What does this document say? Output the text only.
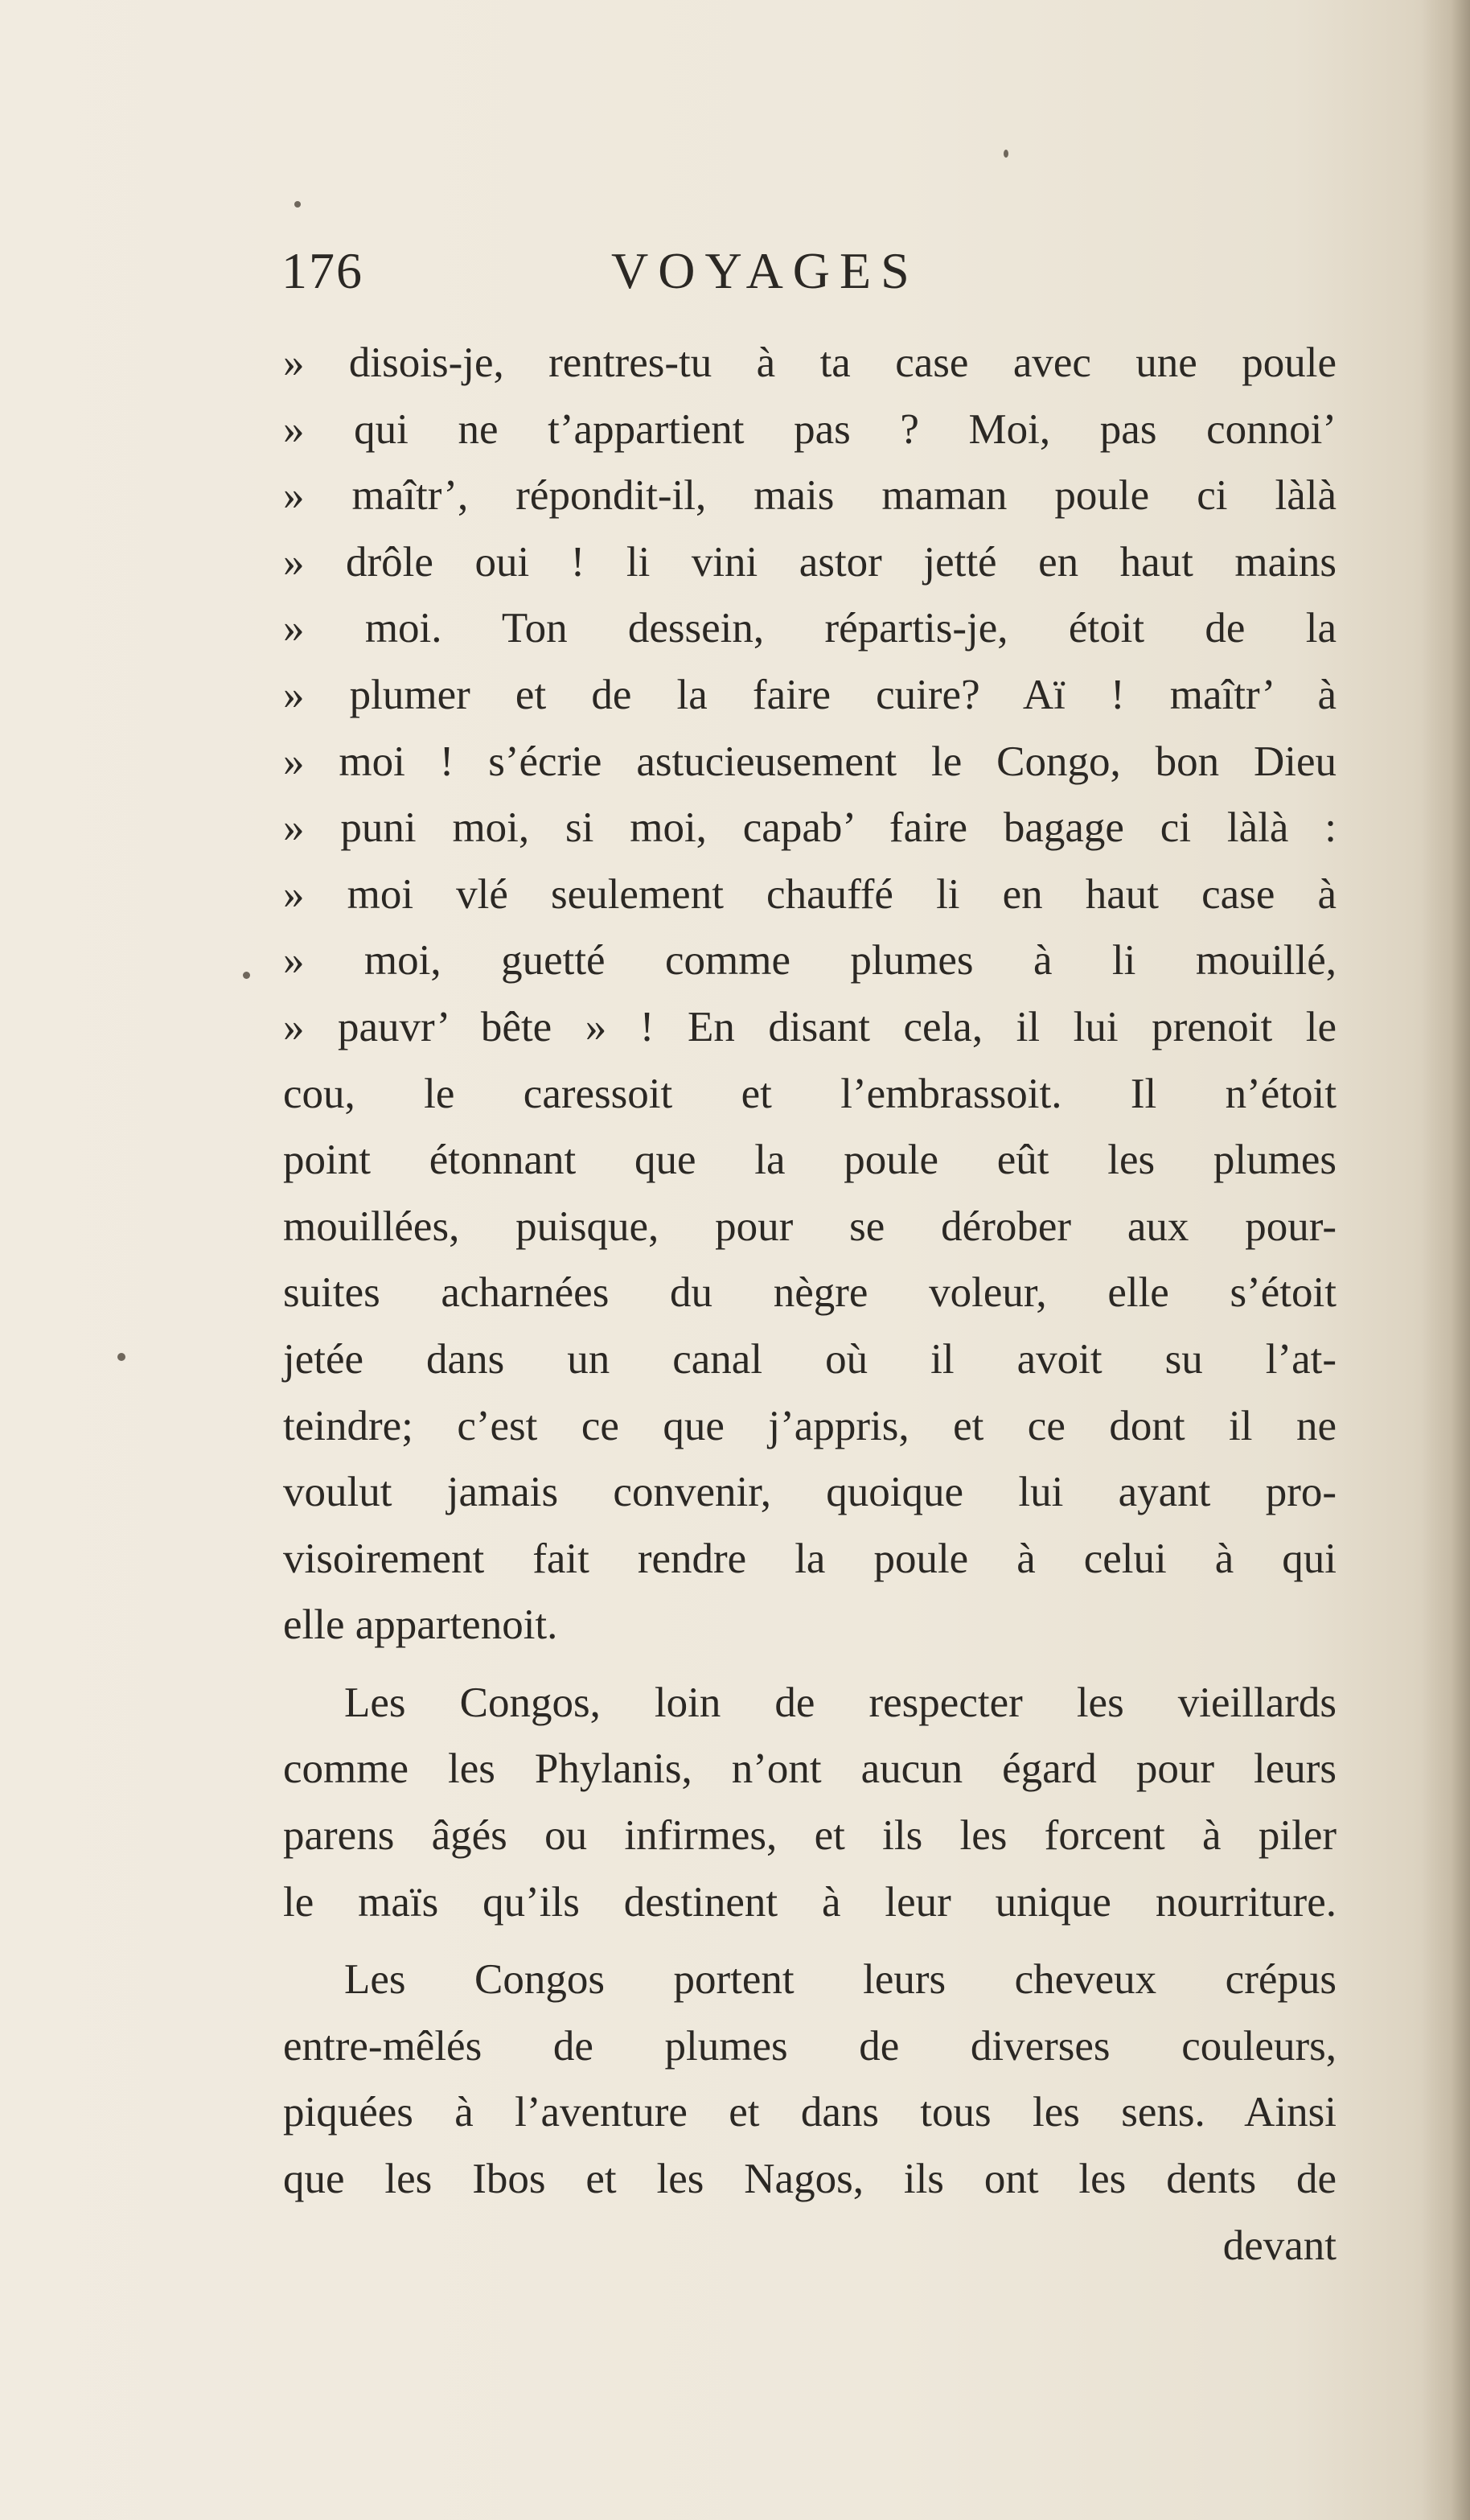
176	VOYAGES
» disois-je, rentres-tu à ta case avec une poule
» qui ne t’appartient pas ? Moi, pas connoi’
» maîtr’, répondit-il, mais maman poule ci làlà
» drôle oui ! li vini astor jetté en haut mains
» moi. Ton dessein, répartis-je, étoit de la
» plumer et de la faire cuire? Aï ! maîtr’ à
» moi ! s’écrie astucieusement le Congo, bon Dieu
» puni moi, si moi, capab’ faire bagage ci làlà :
» moi vlé seulement chauffé li en haut case à
» moi, guetté comme plumes à li mouillé,
» pauvr’ bête » ! En disant cela, il lui prenoit le
cou, le caressoit et l’embrassoit. Il n’étoit
point étonnant que la poule eût les plumes
mouillées, puisque, pour se dérober aux pour-
suites acharnées du nègre voleur, elle s’étoit
jetée dans un canal où il avoit su l’at-
teindre; c’est ce que j’appris, et ce dont il ne
voulut jamais convenir, quoique lui ayant pro-
visoirement fait rendre la poule à celui à qui
elle appartenoit.
Les Congos, loin de respecter les vieillards
comme les Phylanis, n’ont aucun égard pour leurs
parens âgés ou infirmes, et ils les forcent à piler
le maïs qu’ils destinent à leur unique nourriture.
Les Congos portent leurs cheveux crépus
entre-mêlés de plumes de diverses couleurs,
piquées à l’aventure et dans tous les sens. Ainsi
que les Ibos et les Nagos, ils ont les dents de
devant
